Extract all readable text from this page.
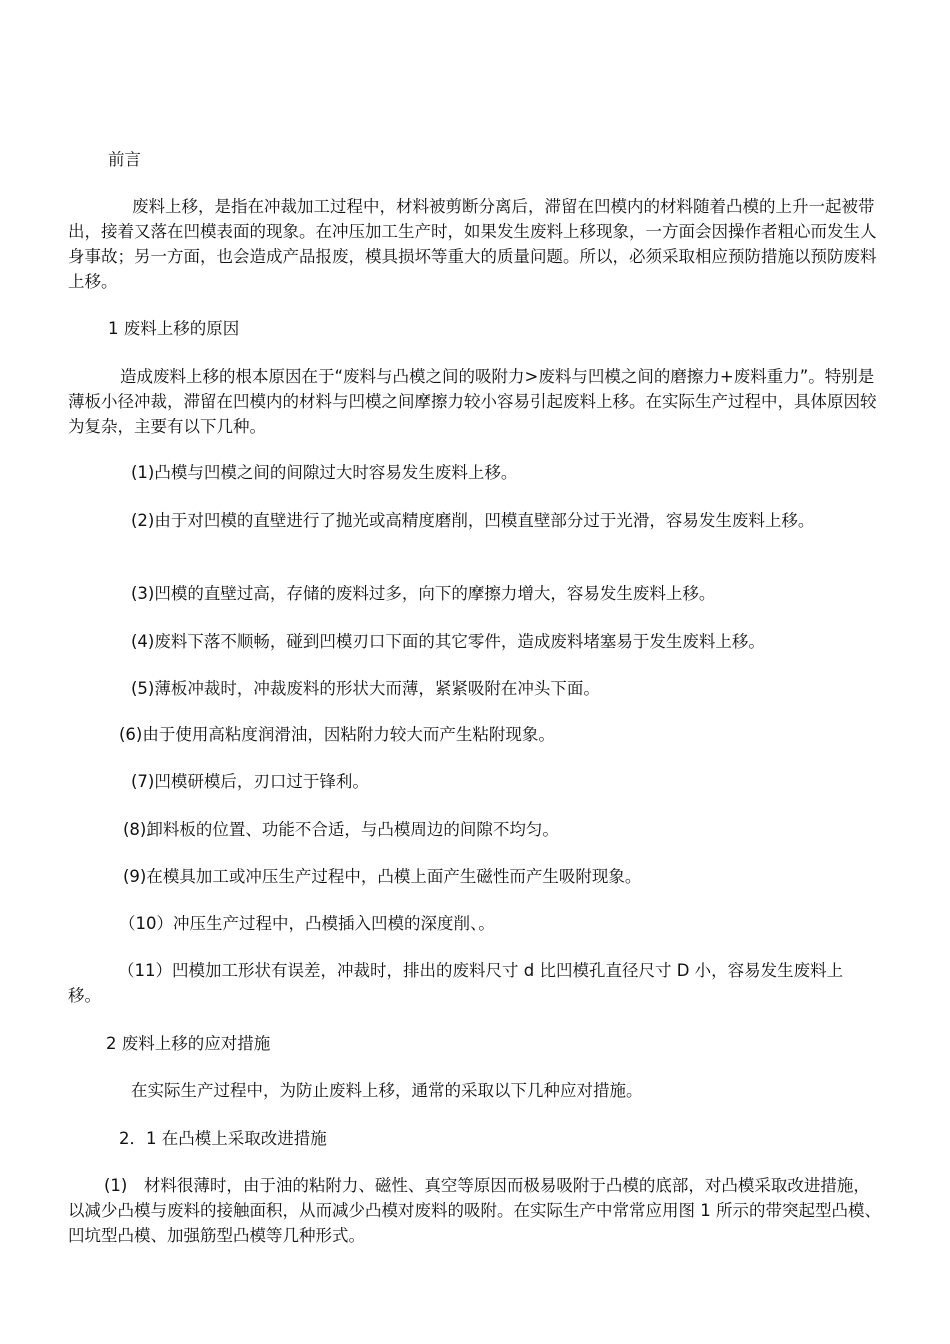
前言

废料上移，是指在冲裁加工过程中，材料被剪断分离后，滞留在凹模内的材料随着凸模的上升一起被带出，接着又落在凹模表面的现象。在冲压加工生产时，如果发生废料上移现象，一方面会因操作者粗心而发生人身事故；另一方面，也会造成产品报废，模具损坏等重大的质量问题。所以，必须采取相应预防措施以预防废料上移。

1 废料上移的原因

造成废料上移的根本原因在于“废料与凸模之间的吸附力>废料与凹模之间的磨擦力+废料重力”。特别是薄板小径冲裁，滞留在凹模内的材料与凹模之间摩擦力较小容易引起废料上移。在实际生产过程中，具体原因较为复杂，主要有以下几种。

(1)凸模与凹模之间的间隙过大时容易发生废料上移。

(2)由于对凹模的直壁进行了抛光或高精度磨削，凹模直壁部分过于光滑，容易发生废料上移。

(3)凹模的直壁过高，存储的废料过多，向下的摩擦力增大，容易发生废料上移。

(4)废料下落不顺畅，碰到凹模刃口下面的其它零件，造成废料堵塞易于发生废料上移。

(5)薄板冲裁时，冲裁废料的形状大而薄，紧紧吸附在冲头下面。

(6)由于使用高粘度润滑油，因粘附力较大而产生粘附现象。

(7)凹模研模后，刃口过于锋利。

(8)卸料板的位置、功能不合适，与凸模周边的间隙不均匀。

(9)在模具加工或冲压生产过程中，凸模上面产生磁性而产生吸附现象。

（10）冲压生产过程中，凸模插入凹模的深度削、。

（11）凹模加工形状有误差，冲裁时，排出的废料尺寸 d 比凹模孔直径尺寸 D 小，容易发生废料上　　移。

2 废料上移的应对措施

在实际生产过程中，为防止废料上移，通常的采取以下几种应对措施。

2．1 在凸模上采取改进措施

(1)　材料很薄时，由于油的粘附力、磁性、真空等原因而极易吸附于凸模的底部，对凸模采取改进措施，以减少凸模与废料的接触面积，从而减少凸模对废料的吸附。在实际生产中常常应用图 1 所示的带突起型凸模、凹坑型凸模、加强筋型凸模等几种形式。
